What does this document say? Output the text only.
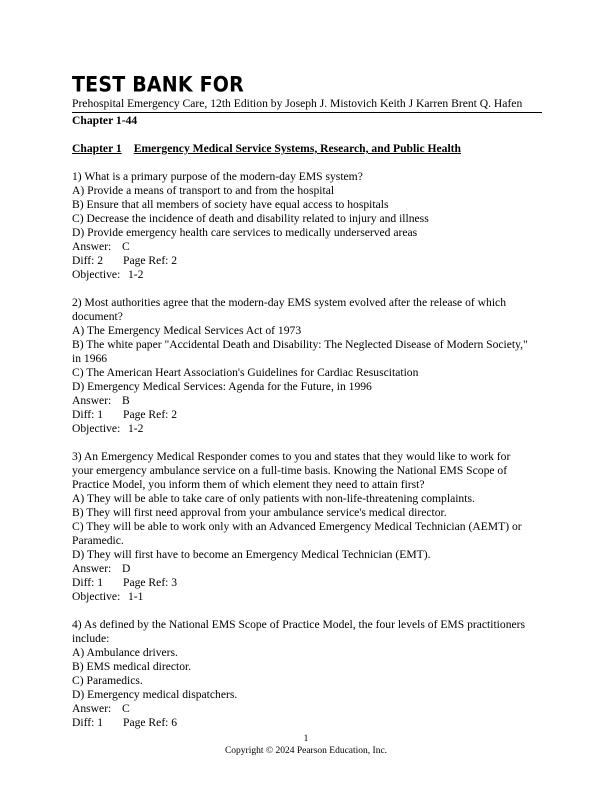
TEST BANK FOR
Prehospital Emergency Care, 12th Edition by Joseph J. Mistovich Keith J Karren Brent Q. Hafen
Chapter 1-44
Chapter 1 Emergency Medical Service Systems, Research, and Public Health
1) What is a primary purpose of the modern-day EMS system?
A) Provide a means of transport to and from the hospital
B) Ensure that all members of society have equal access to hospitals
C) Decrease the incidence of death and disability related to injury and illness
D) Provide emergency health care services to medically underserved areas
Answer: C
Diff: 2	Page Ref: 2
Objective: 1-2
2) Most authorities agree that the modern-day EMS system evolved after the release of which
document?
A) The Emergency Medical Services Act of 1973
B) The white paper "Accidental Death and Disability: The Neglected Disease of Modern Society,"
in 1966
C) The American Heart Association's Guidelines for Cardiac Resuscitation
D) Emergency Medical Services: Agenda for the Future, in 1996
Answer: B
Diff: 1	Page Ref: 2
Objective: 1-2
3) An Emergency Medical Responder comes to you and states that they would like to work for
your emergency ambulance service on a full-time basis. Knowing the National EMS Scope of
Practice Model, you inform them of which element they need to attain first?
A) They will be able to take care of only patients with non-life-threatening complaints.
B) They will first need approval from your ambulance service's medical director.
C) They will be able to work only with an Advanced Emergency Medical Technician (AEMT) or
Paramedic.
D) They will first have to become an Emergency Medical Technician (EMT).
Answer: D
Diff: 1	Page Ref: 3
Objective: 1-1
4) As defined by the National EMS Scope of Practice Model, the four levels of EMS practitioners
include:
A) Ambulance drivers.
B) EMS medical director.
C) Paramedics.
D) Emergency medical dispatchers.
Answer: C
Diff: 1	Page Ref: 6
1
Copyright © 2024 Pearson Education, Inc.
